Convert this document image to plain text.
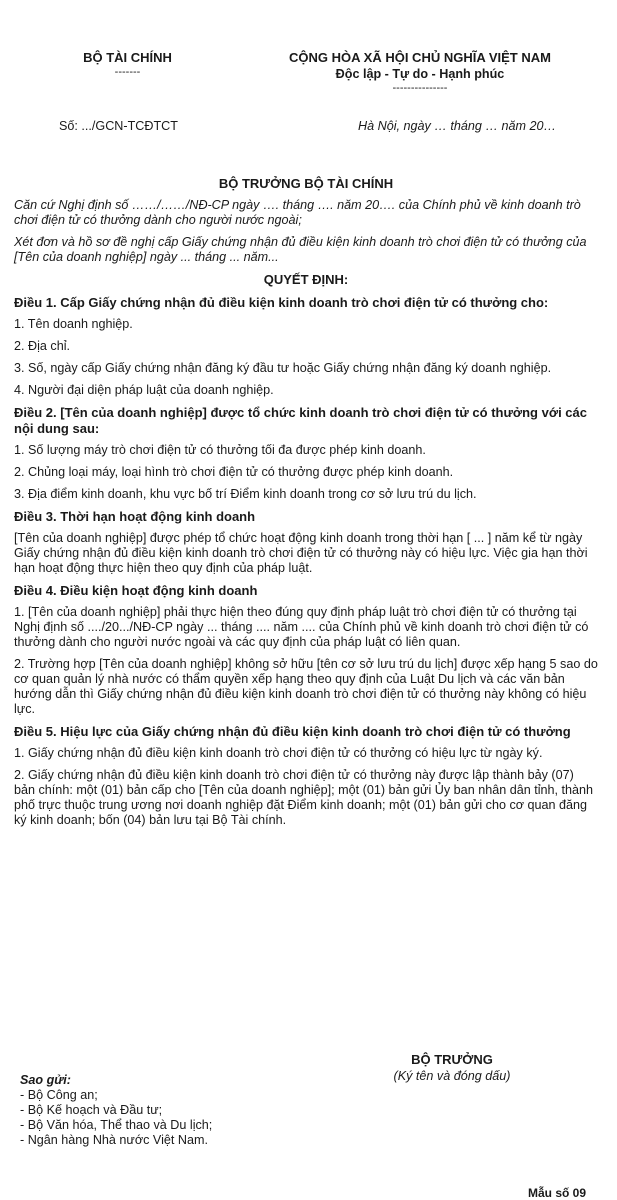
BỘ TÀI CHÍNH
-------
CỘNG HÒA XÃ HỘI CHỦ NGHĨA VIỆT NAM
Độc lập - Tự do - Hạnh phúc
---------------
Số: .../GCN-TCĐTCT	Hà Nội, ngày … tháng … năm 20…
BỘ TRƯỞNG BỘ TÀI CHÍNH
Căn cứ Nghị định số ……/……/NĐ-CP ngày …. tháng …. năm 20…. của Chính phủ về kinh doanh trò chơi điện tử có thưởng dành cho người nước ngoài;
Xét đơn và hồ sơ đề nghị cấp Giấy chứng nhận đủ điều kiện kinh doanh trò chơi điện tử có thưởng của [Tên của doanh nghiệp] ngày ... tháng ... năm...
QUYẾT ĐỊNH:
Điều 1. Cấp Giấy chứng nhận đủ điều kiện kinh doanh trò chơi điện tử có thưởng cho:
1. Tên doanh nghiệp.
2. Địa chỉ.
3. Số, ngày cấp Giấy chứng nhận đăng ký đầu tư hoặc Giấy chứng nhận đăng ký doanh nghiệp.
4. Người đại diện pháp luật của doanh nghiệp.
Điều 2. [Tên của doanh nghiệp] được tổ chức kinh doanh trò chơi điện tử có thưởng với các nội dung sau:
1. Số lượng máy trò chơi điện tử có thưởng tối đa được phép kinh doanh.
2. Chủng loại máy, loại hình trò chơi điện tử có thưởng được phép kinh doanh.
3. Địa điểm kinh doanh, khu vực bố trí Điểm kinh doanh trong cơ sở lưu trú du lịch.
Điều 3. Thời hạn hoạt động kinh doanh
[Tên của doanh nghiệp] được phép tổ chức hoạt động kinh doanh trong thời hạn [ ... ] năm kể từ ngày Giấy chứng nhận đủ điều kiện kinh doanh trò chơi điện tử có thưởng này có hiệu lực. Việc gia hạn thời hạn hoạt động thực hiện theo quy định của pháp luật.
Điều 4. Điều kiện hoạt động kinh doanh
1. [Tên của doanh nghiệp] phải thực hiện theo đúng quy định pháp luật trò chơi điện tử có thưởng tại Nghị định số ..../20.../NĐ-CP ngày ... tháng .... năm .... của Chính phủ về kinh doanh trò chơi điện tử có thưởng dành cho người nước ngoài và các quy định của pháp luật có liên quan.
2. Trường hợp [Tên của doanh nghiệp] không sở hữu [tên cơ sở lưu trú du lịch] được xếp hạng 5 sao do cơ quan quản lý nhà nước có thẩm quyền xếp hạng theo quy định của Luật Du lịch và các văn bản hướng dẫn thì Giấy chứng nhận đủ điều kiện kinh doanh trò chơi điện tử có thưởng này không có hiệu lực.
Điều 5. Hiệu lực của Giấy chứng nhận đủ điều kiện kinh doanh trò chơi điện tử có thưởng
1. Giấy chứng nhận đủ điều kiện kinh doanh trò chơi điện tử có thưởng có hiệu lực từ ngày ký.
2. Giấy chứng nhận đủ điều kiện kinh doanh trò chơi điện tử có thưởng này được lập thành bảy (07) bản chính: một (01) bản cấp cho [Tên của doanh nghiệp]; một (01) bản gửi Ủy ban nhân dân tỉnh, thành phố trực thuộc trung ương nơi doanh nghiệp đặt Điểm kinh doanh; một (01) bản gửi cho cơ quan đăng ký kinh doanh; bốn (04) bản lưu tại Bộ Tài chính.
BỘ TRƯỞNG
(Ký tên và đóng dấu)
Sao gửi:
- Bộ Công an;
- Bộ Kế hoạch và Đầu tư;
- Bộ Văn hóa, Thể thao và Du lịch;
- Ngân hàng Nhà nước Việt Nam.
Mẫu số 09
